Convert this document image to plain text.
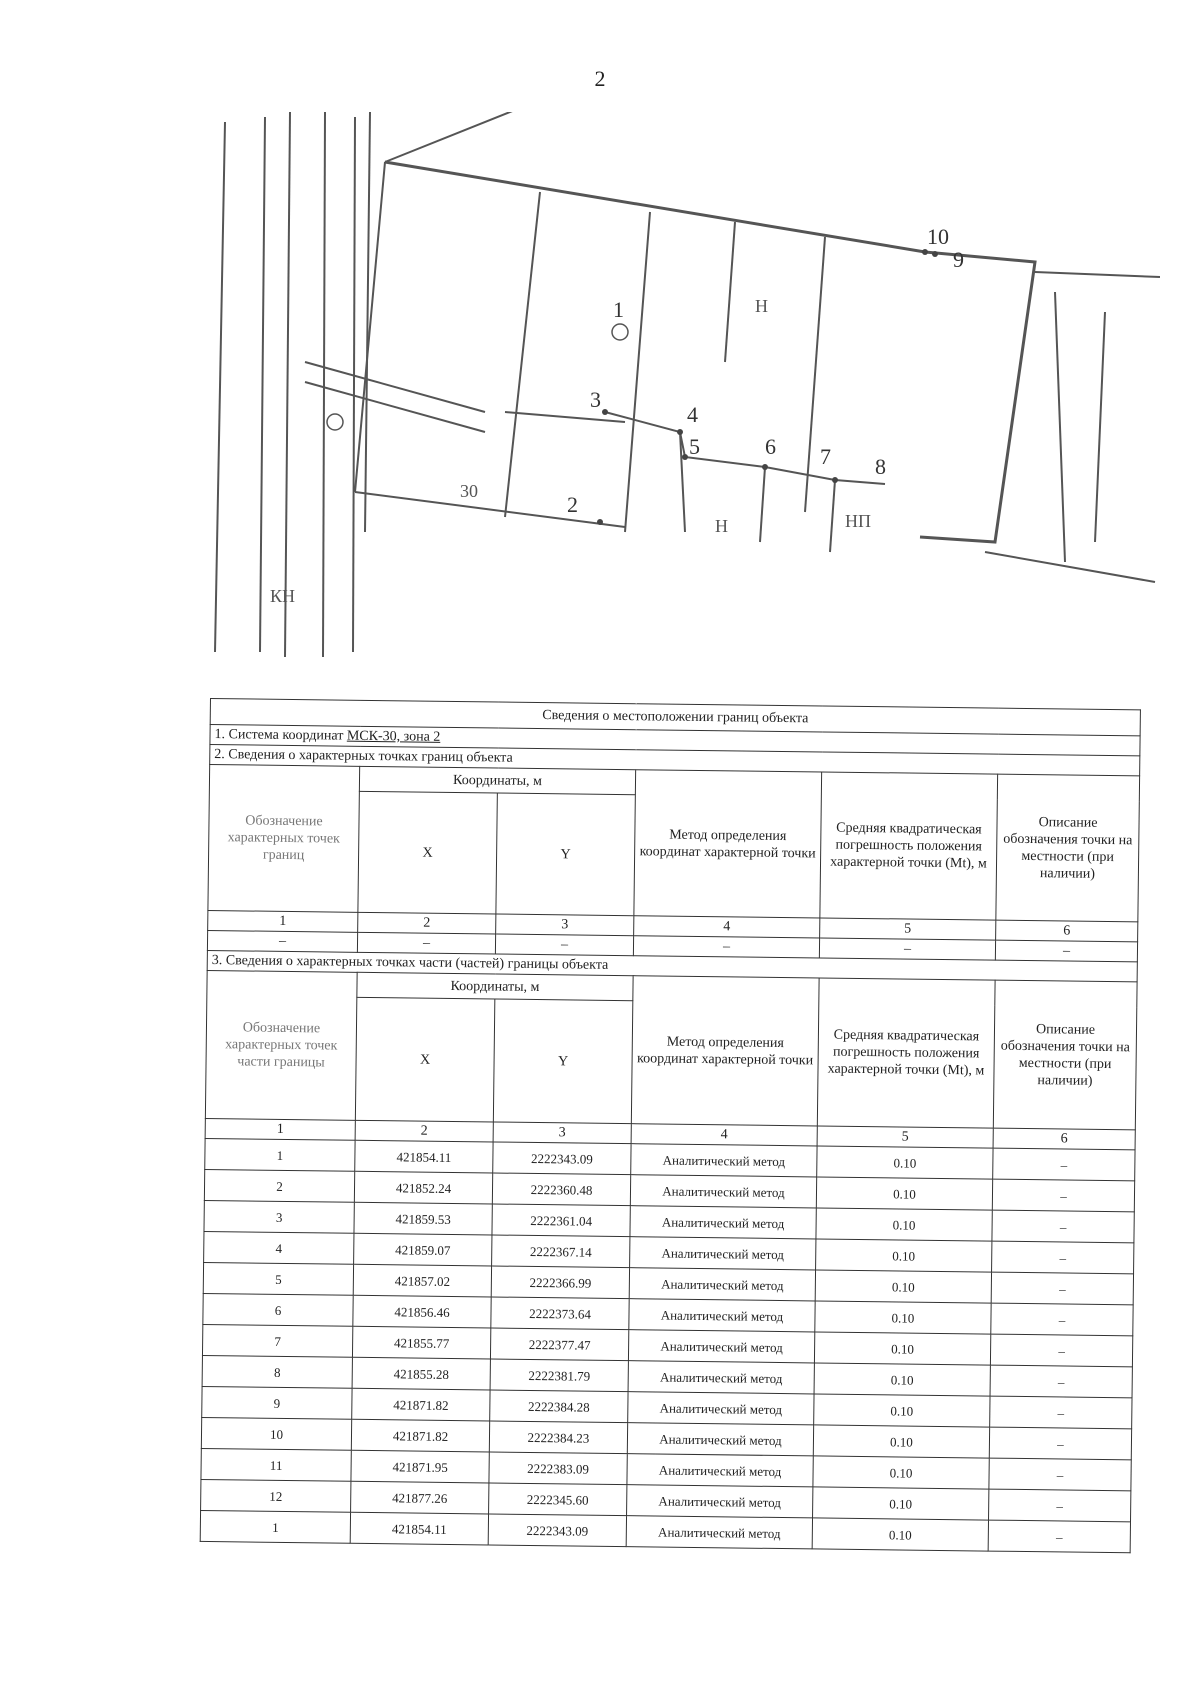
2
2
3
4
5	6 7 8
9
10
1
КН
Н
Н
НП
30
Сведения о местоположении границ объекта					
1. Система координат МСК-30, зона 2					
2. Сведения о характерных точках границ объекта					
Обозначение характерных точек границ	Координаты, м		Метод определения координат характерной точки	Средняя квадратическая погрешность положения характерной точки (Mt), м	Описание обозначения точки на местности (при наличии)
	X	Y			
1	2	3	4	5	6
–	–	–	–	–	–
3. Сведения о характерных точках части (частей) границы объекта					
Обозначение характерных точек части границы	Координаты, м		Метод определения координат характерной точки	Средняя квадратическая погрешность положения характерной точки (Mt), м	Описание обозначения точки на местности (при наличии)
	X	Y			
1	2	3	4	5	6
1	421854.11	2222343.09	Аналитический метод	0.10	–
2	421852.24	2222360.48	Аналитический метод	0.10	–
3	421859.53	2222361.04	Аналитический метод	0.10	–
4	421859.07	2222367.14	Аналитический метод	0.10	–
5	421857.02	2222366.99	Аналитический метод	0.10	–
6	421856.46	2222373.64	Аналитический метод	0.10	–
7	421855.77	2222377.47	Аналитический метод	0.10	–
8	421855.28	2222381.79	Аналитический метод	0.10	–
9	421871.82	2222384.28	Аналитический метод	0.10	–
10	421871.82	2222384.23	Аналитический метод	0.10	–
11	421871.95	2222383.09	Аналитический метод	0.10	–
12	421877.26	2222345.60	Аналитический метод	0.10	–
1	421854.11	2222343.09	Аналитический метод	0.10	–
